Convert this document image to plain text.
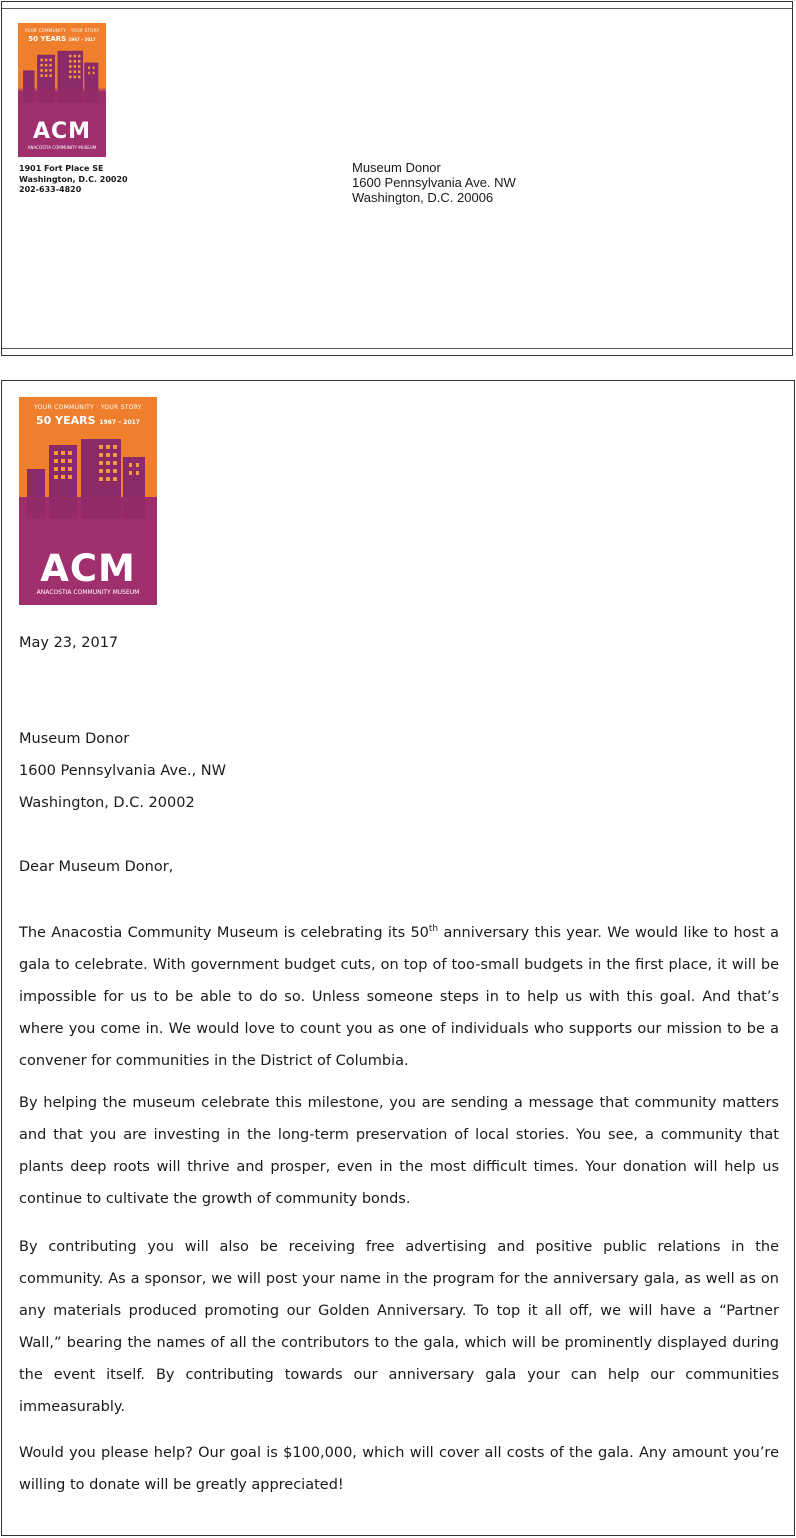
YOUR COMMUNITY · YOUR STORY
50 YEARS 1967 – 2017
ACM
ANACOSTIA COMMUNITY MUSEUM
1901 Fort Place SE
Washington, D.C. 20020
202-633-4820
Museum Donor
1600 Pennsylvania Ave. NW
Washington, D.C. 20006
YOUR COMMUNITY · YOUR STORY
50 YEARS 1967 – 2017
ACM
ANACOSTIA COMMUNITY MUSEUM
May 23, 2017
Museum Donor
1600 Pennsylvania Ave., NW
Washington, D.C. 20002
Dear Museum Donor,
The Anacostia Community Museum is celebrating its 50th anniversary this year. We would like to host a gala to celebrate. With government budget cuts, on top of too-small budgets in the first place, it will be impossible for us to be able to do so. Unless someone steps in to help us with this goal. And that’s where you come in. We would love to count you as one of individuals who supports our mission to be a convener for communities in the District of Columbia.
By helping the museum celebrate this milestone, you are sending a message that community matters and that you are investing in the long-term preservation of local stories. You see, a community that plants deep roots will thrive and prosper, even in the most difficult times. Your donation will help us continue to cultivate the growth of community bonds.
By contributing you will also be receiving free advertising and positive public relations in the community. As a sponsor, we will post your name in the program for the anniversary gala, as well as on any materials produced promoting our Golden Anniversary. To top it all off, we will have a “Partner Wall,” bearing the names of all the contributors to the gala, which will be prominently displayed during the event itself. By contributing towards our anniversary gala your can help our communities immeasurably.
Would you please help? Our goal is $100,000, which will cover all costs of the gala. Any amount you’re willing to donate will be greatly appreciated!
